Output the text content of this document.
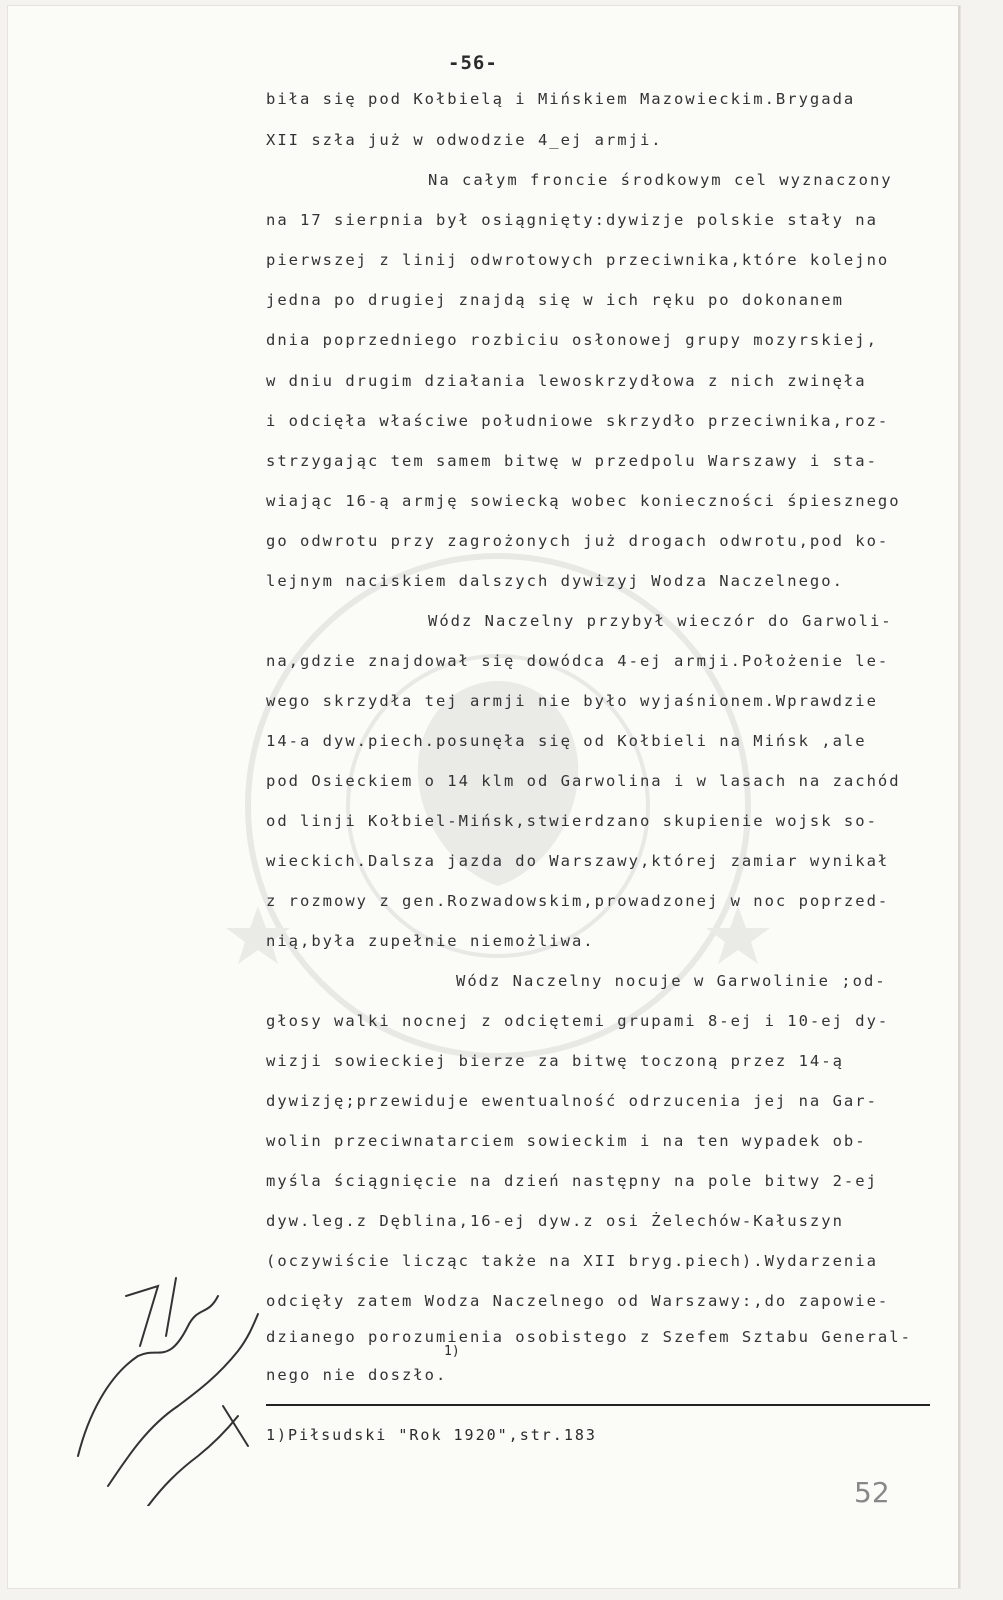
-56-
biła się pod Kołbielą i Mińskiem Mazowieckim.Brygada
XII szła już w odwodzie 4_ej armji.
Na całym froncie środkowym cel wyznaczony
na 17 sierpnia był osiągnięty:dywizje polskie stały na
pierwszej z linij odwrotowych przeciwnika,które kolejno
jedna po drugiej znajdą się w ich ręku po dokonanem
dnia poprzedniego rozbiciu osłonowej grupy mozyrskiej,
w dniu drugim działania lewoskrzydłowa z nich zwinęła
i odcięła właściwe południowe skrzydło przeciwnika,roz-
strzygając tem samem bitwę w przedpolu Warszawy i sta-
wiając 16-ą armję sowiecką wobec konieczności śpiesznego
go odwrotu przy zagrożonych już drogach odwrotu,pod ko-
lejnym naciskiem dalszych dywizyj Wodza Naczelnego.
Wódz Naczelny przybył wieczór do Garwoli-
na,gdzie znajdował się dowódca 4-ej armji.Położenie le-
wego skrzydła tej armji nie było wyjaśnionem.Wprawdzie
14-a dyw.piech.posunęła się od Kołbieli na Mińsk ,ale
pod Osieckiem o 14 klm od Garwolina i w lasach na zachód
od linji Kołbiel-Mińsk,stwierdzano skupienie wojsk so-
wieckich.Dalsza jazda do Warszawy,której zamiar wynikał
z rozmowy z gen.Rozwadowskim,prowadzonej w noc poprzed-
nią,była zupełnie niemożliwa.
Wódz Naczelny nocuje w Garwolinie ;od-
głosy walki nocnej z odciętemi grupami 8-ej i 10-ej dy-
wizji sowieckiej bierze za bitwę toczoną przez 14-ą
dywizję;przewiduje ewentualność odrzucenia jej na Gar-
wolin przeciwnatarciem sowieckim i na ten wypadek ob-
myśla ściągnięcie na dzień następny na pole bitwy 2-ej
dyw.leg.z Dęblina,16-ej dyw.z osi Żelechów-Kałuszyn
(oczywiście licząc także na XII bryg.piech).Wydarzenia
odcięły zatem Wodza Naczelnego od Warszawy:,do zapowie-
dzianego porozumienia osobistego z Szefem Sztabu General-
1)
nego nie doszło.
1)Piłsudski "Rok 1920",str.183
52
